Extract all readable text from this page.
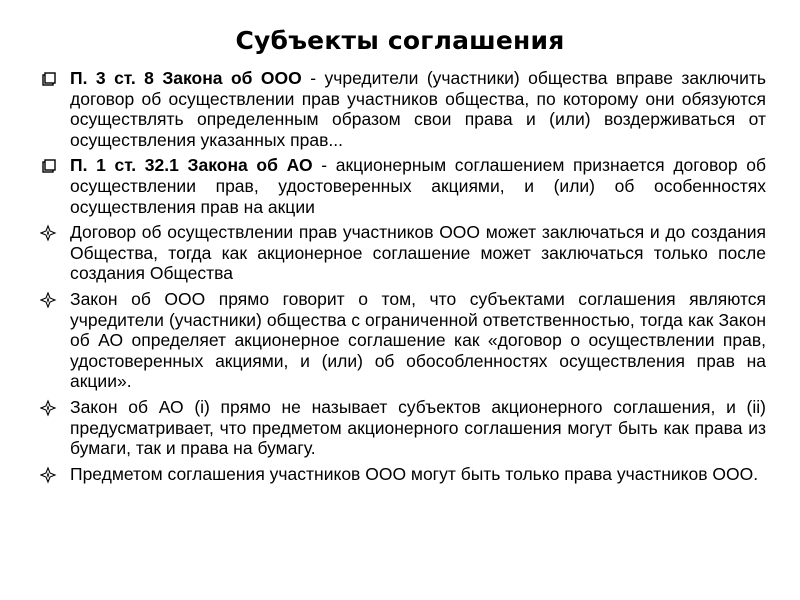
Субъекты соглашения
П. 3 ст. 8 Закона об ООО - учредители (участники) общества вправе заключить договор об осуществлении прав участников общества, по которому они обязуются осуществлять определенным образом свои права и (или) воздерживаться от осуществления указанных прав...
П. 1 ст. 32.1 Закона об АО - акционерным соглашением признается договор об осуществлении прав, удостоверенных акциями, и (или) об особенностях осуществления прав на акции
Договор об осуществлении прав участников ООО может заключаться и до создания Общества, тогда как акционерное соглашение может заключаться только после создания Общества
Закон об ООО прямо говорит о том, что субъектами соглашения являются учредители (участники) общества с ограниченной ответственностью, тогда как Закон об АО определяет акционерное соглашение как «договор о осуществлении прав, удостоверенных акциями, и (или) об обособленностях осуществления прав на акции».
Закон об АО (i) прямо не называет субъектов акционерного соглашения, и (ii) предусматривает, что предметом акционерного соглашения могут быть как права из бумаги, так и права на бумагу.
Предметом соглашения участников ООО могут быть только права участников ООО.
